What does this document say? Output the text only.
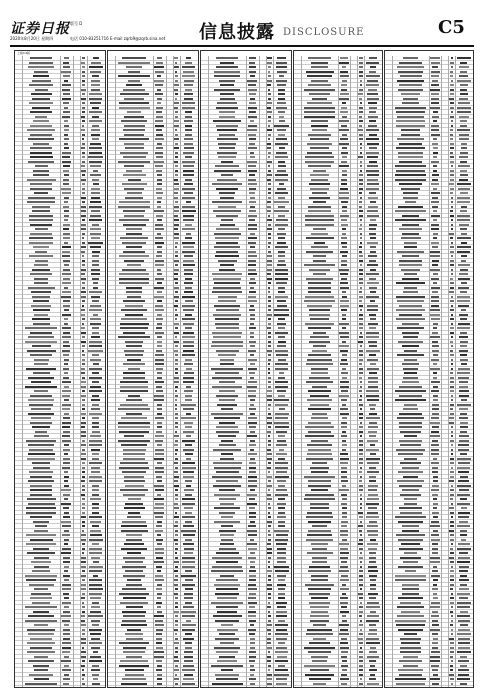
证券日报 版号 D
2020年8月20日 星期四	电话 010-83251716 E-mail zqrb9@zqrb.sina.net 信息披露 DISCLOSURE	C5
上接C4版
